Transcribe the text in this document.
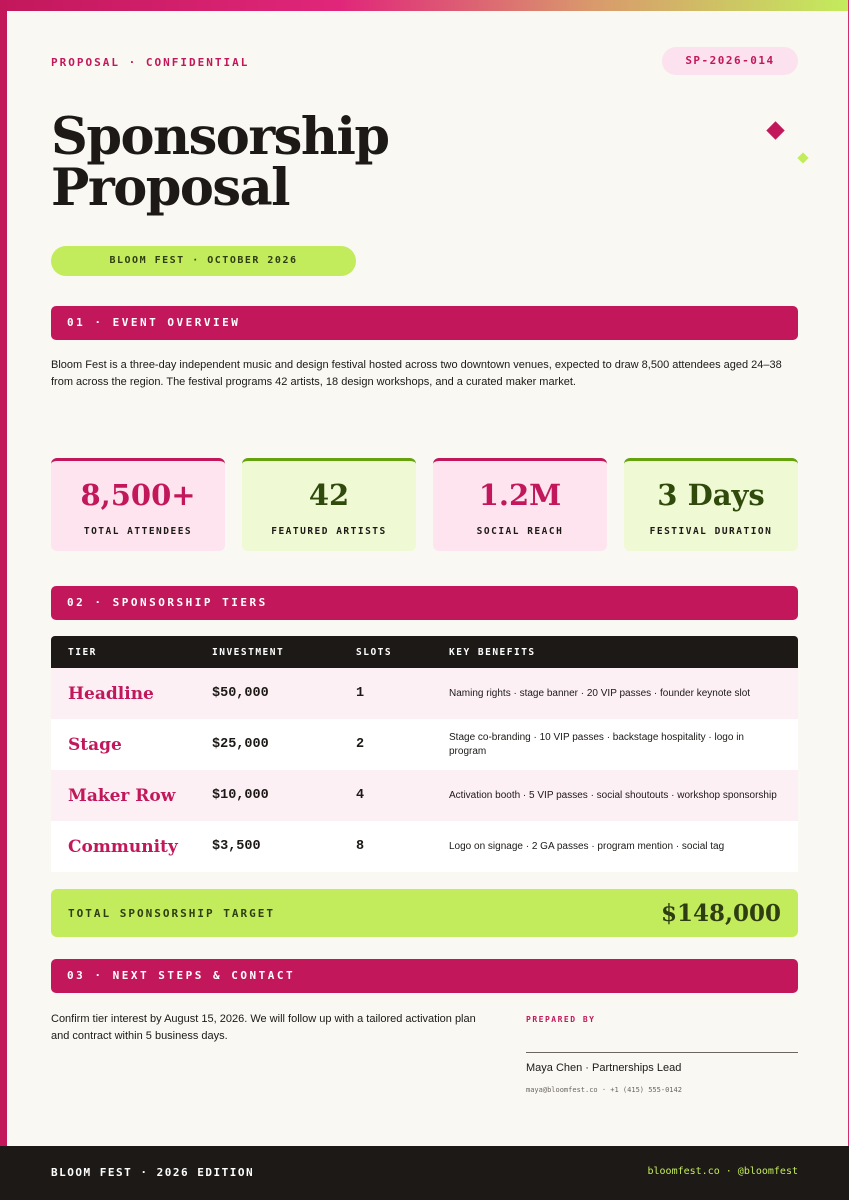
PROPOSAL · CONFIDENTIAL	SP-2026-014
Sponsorship
Proposal
BLOOM FEST · OCTOBER 2026
01 · EVENT OVERVIEW

Bloom Fest is a three-day independent music and design festival hosted across two downtown venues, expected to draw 8,500 attendees aged 24–38 from across the region. The festival programs 42 artists, 18 design workshops, and a curated maker market.

8,500+
TOTAL ATTENDEES
42
FEATURED ARTISTS
1.2M
SOCIAL REACH
3 Days
FESTIVAL DURATION
02 · SPONSORSHIP TIERS
TIER	INVESTMENT	SLOTS	KEY BENEFITS
Headline	$50,000	1	Naming rights · stage banner · 20 VIP passes · founder keynote slot
Stage	$25,000	2	Stage co-branding · 10 VIP passes · backstage hospitality · logo in program
Maker Row	$10,000	4	Activation booth · 5 VIP passes · social shoutouts · workshop sponsorship
Community	$3,500	8	Logo on signage · 2 GA passes · program mention · social tag
TOTAL SPONSORSHIP TARGET	$148,000
03 · NEXT STEPS & CONTACT

Confirm tier interest by August 15, 2026. We will follow up with a tailored activation plan and contract within 5 business days.

PREPARED BY
Maya Chen · Partnerships Lead
maya@bloomfest.co · +1 (415) 555-0142
BLOOM FEST · 2026 EDITION	bloomfest.co · @bloomfest
